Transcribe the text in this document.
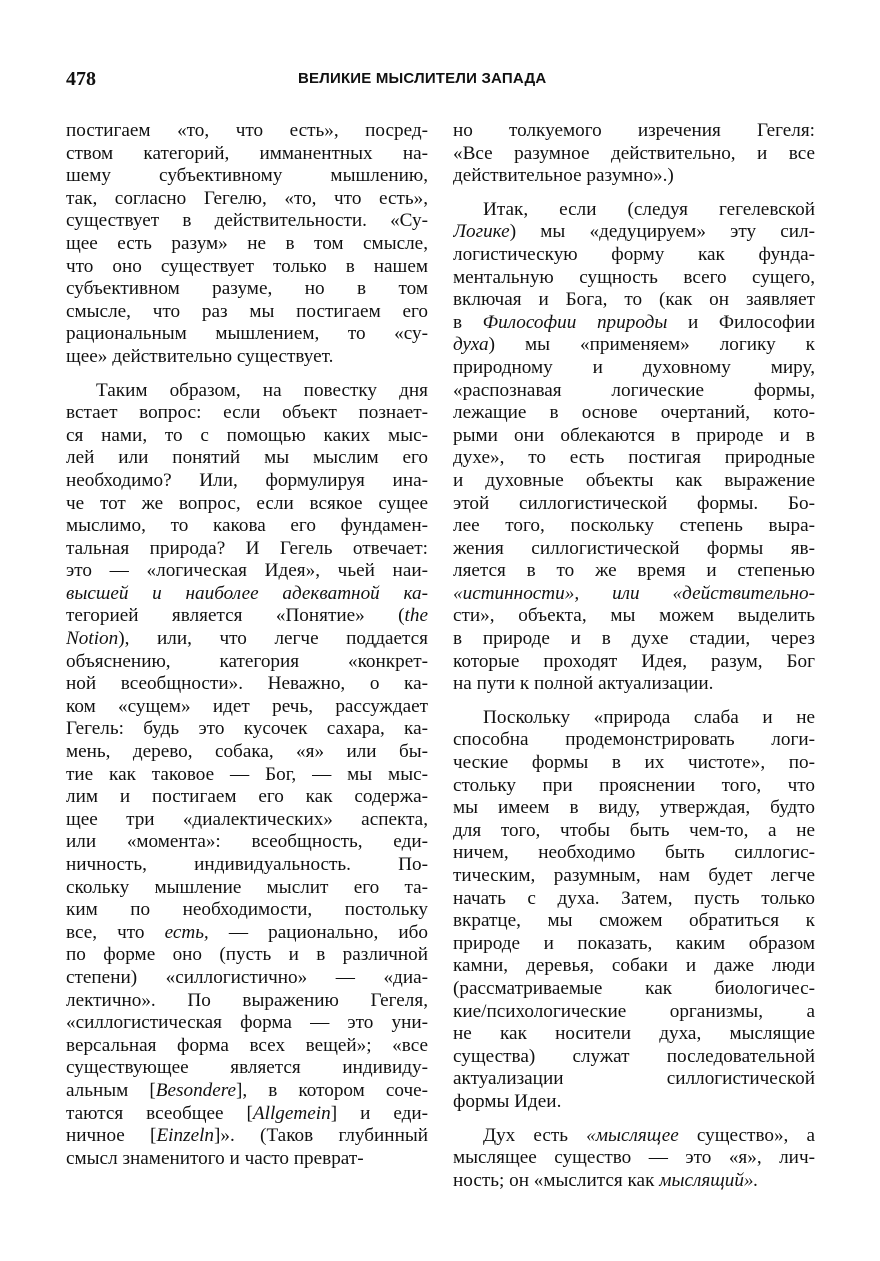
478	ВЕЛИКИЕ МЫСЛИТЕЛИ ЗАПАДА
постигаем «то, что есть», посред-
ством категорий, имманентных на-
шему субъективному мышлению,
так, согласно Гегелю, «то, что есть»,
существует в действительности. «Су-
щее есть разум» не в том смысле,
что оно существует только в нашем
субъективном разуме, но в том
смысле, что раз мы постигаем его
рациональным мышлением, то «су-
щее» действительно существует.
Таким образом, на повестку дня
встает вопрос: если объект познает-
ся нами, то с помощью каких мыс-
лей или понятий мы мыслим его
необходимо? Или, формулируя ина-
че тот же вопрос, если всякое сущее
мыслимо, то какова его фундамен-
тальная природа? И Гегель отвечает:
это — «логическая Идея», чьей наи-
высшей и наиболее адекватной ка-
тегорией является «Понятие» (the
Notion), или, что легче поддается
объяснению, категория «конкрет-
ной всеобщности». Неважно, о ка-
ком «сущем» идет речь, рассуждает
Гегель: будь это кусочек сахара, ка-
мень, дерево, собака, «я» или бы-
тие как таковое — Бог, — мы мыс-
лим и постигаем его как содержа-
щее три «диалектических» аспекта,
или «момента»: всеобщность, еди-
ничность, индивидуальность. По-
скольку мышление мыслит его та-
ким по необходимости, постольку
все, что есть, — рационально, ибо
по форме оно (пусть и в различной
степени) «силлогистично» — «диа-
лектично». По выражению Гегеля,
«силлогистическая форма — это уни-
версальная форма всех вещей»; «все
существующее является индивиду-
альным [Besondere], в котором соче-
таются всеобщее [Allgemein] и еди-
ничное [Einzeln]». (Таков глубинный
смысл знаменитого и часто преврат-
но толкуемого изречения Гегеля:
«Все разумное действительно, и все
действительное разумно».)
Итак, если (следуя гегелевской
Логике) мы «дедуцируем» эту сил-
логистическую форму как фунда-
ментальную сущность всего сущего,
включая и Бога, то (как он заявляет
в Философии природы и Философии
духа) мы «применяем» логику к
природному и духовному миру,
«распознавая логические формы,
лежащие в основе очертаний, кото-
рыми они облекаются в природе и в
духе», то есть постигая природные
и духовные объекты как выражение
этой силлогистической формы. Бо-
лее того, поскольку степень выра-
жения силлогистической формы яв-
ляется в то же время и степенью
«истинности», или «действительно-
сти», объекта, мы можем выделить
в природе и в духе стадии, через
которые проходят Идея, разум, Бог
на пути к полной актуализации.
Поскольку «природа слаба и не
способна продемонстрировать логи-
ческие формы в их чистоте», по-
стольку при прояснении того, что
мы имеем в виду, утверждая, будто
для того, чтобы быть чем-то, а не
ничем, необходимо быть силлогис-
тическим, разумным, нам будет легче
начать с духа. Затем, пусть только
вкратце, мы сможем обратиться к
природе и показать, каким образом
камни, деревья, собаки и даже люди
(рассматриваемые как биологичес-
кие/психологические организмы, а
не как носители духа, мыслящие
существа) служат последовательной
актуализации силлогистической
формы Идеи.
Дух есть «мыслящее существо», а
мыслящее существо — это «я», лич-
ность; он «мыслится как мыслящий».
